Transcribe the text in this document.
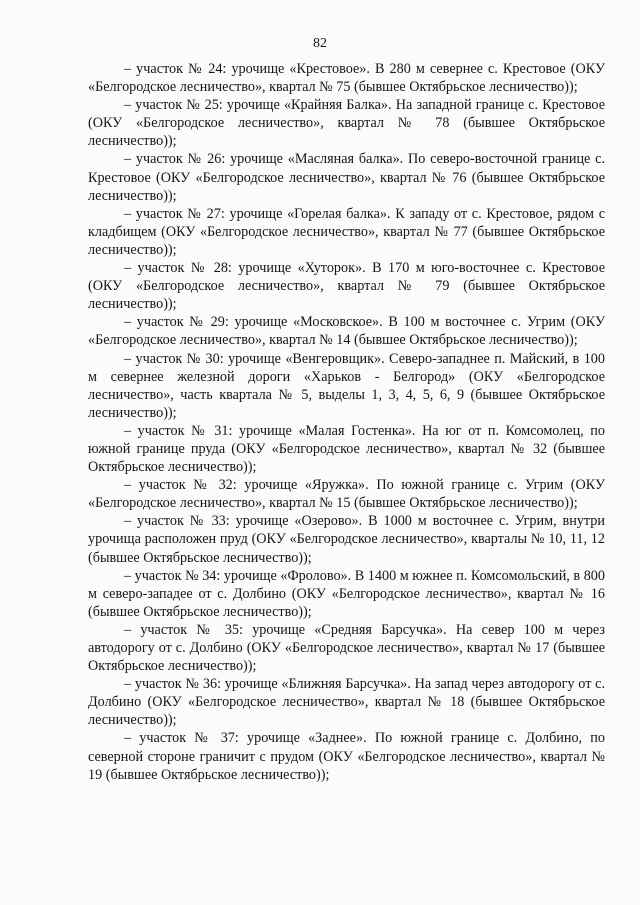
82

– участок № 24: урочище «Крестовое». В 280 м севернее с. Крестовое (ОКУ «Белгородское лесничество», квартал № 75 (бывшее Октябрьское лесничество));

– участок № 25: урочище «Крайняя Балка». На западной границе с. Крестовое (ОКУ «Белгородское лесничество», квартал № 78 (бывшее Октябрьское лесничество));

– участок № 26: урочище «Масляная балка». По северо-восточной границе с. Крестовое (ОКУ «Белгородское лесничество», квартал № 76 (бывшее Октябрьское лесничество));

– участок № 27: урочище «Горелая балка». К западу от с. Крестовое, рядом с кладбищем (ОКУ «Белгородское лесничество», квартал № 77 (бывшее Октябрьское лесничество));

– участок № 28: урочище «Хуторок». В 170 м юго-восточнее с. Крестовое (ОКУ «Белгородское лесничество», квартал № 79 (бывшее Октябрьское лесничество));

– участок № 29: урочище «Московское». В 100 м восточнее с. Угрим (ОКУ «Белгородское лесничество», квартал № 14 (бывшее Октябрьское лесничество));

– участок № 30: урочище «Венгеровщик». Северо-западнее п. Майский, в 100 м севернее железной дороги «Харьков - Белгород» (ОКУ «Белгородское лесничество», часть квартала № 5, выделы 1, 3, 4, 5, 6, 9 (бывшее Октябрьское лесничество));

– участок № 31: урочище «Малая Гостенка». На юг от п. Комсомолец, по южной границе пруда (ОКУ «Белгородское лесничество», квартал № 32 (бывшее Октябрьское лесничество));

– участок № 32: урочище «Яружка». По южной границе с. Угрим (ОКУ «Белгородское лесничество», квартал № 15 (бывшее Октябрьское лесничество));

– участок № 33: урочище «Озерово». В 1000 м восточнее с. Угрим, внутри урочища расположен пруд (ОКУ «Белгородское лесничество», кварталы № 10, 11, 12 (бывшее Октябрьское лесничество));

– участок № 34: урочище «Фролово». В 1400 м южнее п. Комсомольский, в 800 м северо-западее от с. Долбино (ОКУ «Белгородское лесничество», квартал № 16 (бывшее Октябрьское лесничество));

– участок № 35: урочище «Средняя Барсучка». На север 100 м через автодорогу от с. Долбино (ОКУ «Белгородское лесничество», квартал № 17 (бывшее Октябрьское лесничество));

– участок № 36: урочище «Ближняя Барсучка». На запад через автодорогу от с. Долбино (ОКУ «Белгородское лесничество», квартал № 18 (бывшее Октябрьское лесничество));

– участок № 37: урочище «Заднее». По южной границе с. Долбино, по северной стороне граничит с прудом (ОКУ «Белгородское лесничество», квартал № 19 (бывшее Октябрьское лесничество));
